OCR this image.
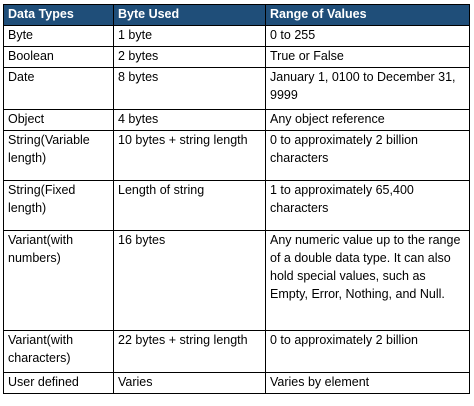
Data Types	Byte Used	Range of Values
Byte	1 byte	0 to 255
Boolean	2 bytes	True or False
Date	8 bytes	January 1, 0100 to December 31, 9999
Object	4 bytes	Any object reference
String(Variable length)	10 bytes + string length	0 to approximately 2 billion characters
String(Fixed length)	Length of string	1 to approximately 65,400 characters
Variant(with numbers)	16 bytes	Any numeric value up to the range of a double data type. It can also hold special values, such as Empty, Error, Nothing, and Null.
Variant(with characters)	22 bytes + string length	0 to approximately 2 billion
User defined	Varies	Varies by element
